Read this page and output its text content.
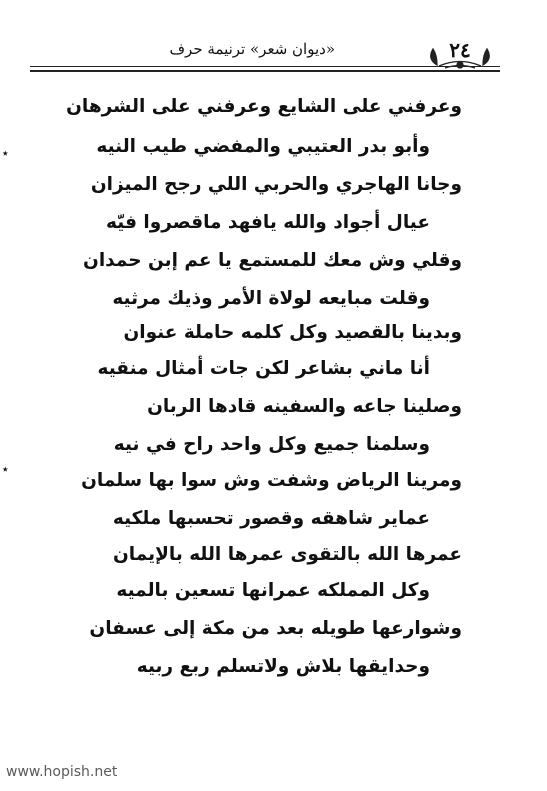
«ديوان شعر» ترنيمة حرف	٢٤
٭
٭
وعرفني على الشايع وعرفني على الشرهان
وأبو بدر العتيبي والمفضي طيب النيه
وجانا الهاجري والحربي اللي رجح الميزان
عيال أجواد والله يافهد ماقصروا فيّه
وقلي وش معك للمستمع يا عم إبن حمدان
وقلت مبايعه لولاة الأمر وذيك مرثيه
وبدينا بالقصيد وكل كلمه حاملة عنوان
أنا ماني بشاعر لكن جات أمثال منقيه
وصلينا جاعه والسفينه قادها الربان
وسلمنا جميع وكل واحد راح في نيه
ومرينا الرياض وشفت وش سوا بها سلمان
عماير شاهقه وقصور تحسبها ملكيه
عمرها الله بالتقوى عمرها الله بالإيمان
وكل المملكه عمرانها تسعين بالميه
وشوارعها طويله بعد من مكة إلى عسفان
وحدايقها بلاش ولاتسلم ربع ربيه
www.hopish.net
